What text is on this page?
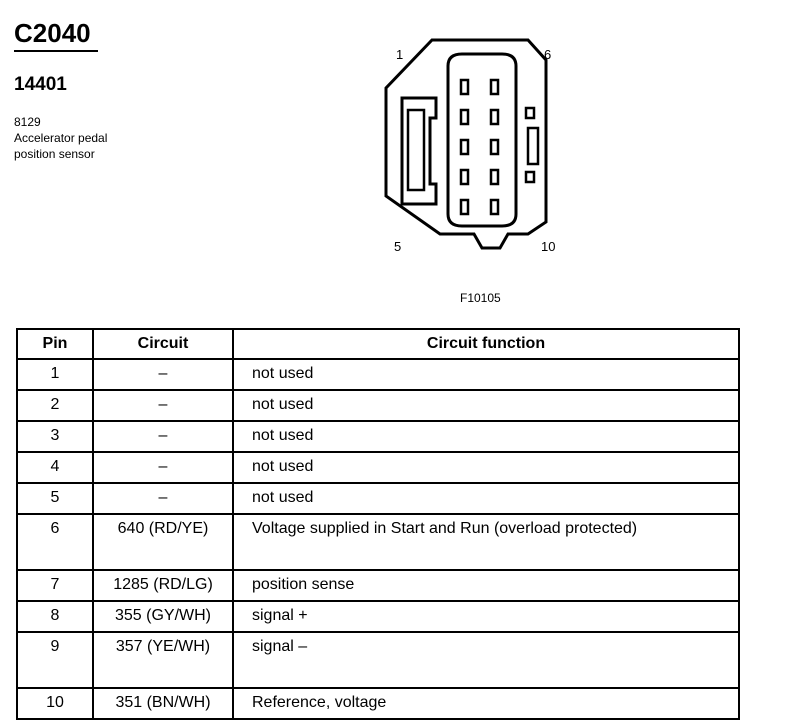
C2040
14401
8129
Accelerator pedal
position sensor
1	6
5	10
F10105
Pin	Circuit	Circuit function
1	–	not used
2	–	not used
3	–	not used
4	–	not used
5	–	not used
6	640 (RD/YE)	Voltage supplied in Start and Run (overload protected)
7	1285 (RD/LG)	position sense
8	355 (GY/WH)	signal +
9	357 (YE/WH)	signal –
10	351 (BN/WH)	Reference, voltage
